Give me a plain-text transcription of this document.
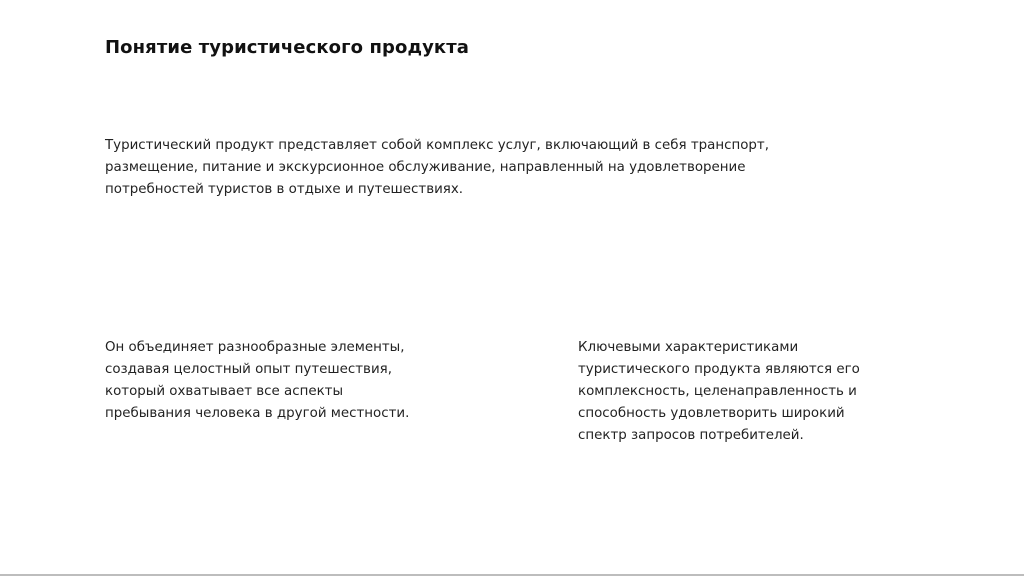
Понятие туристического продукта
Туристический продукт представляет собой комплекс услуг, включающий в себя транспорт,
размещение, питание и экскурсионное обслуживание, направленный на удовлетворение
потребностей туристов в отдыхе и путешествиях.
Он объединяет разнообразные элементы,
создавая целостный опыт путешествия,
который охватывает все аспекты
пребывания человека в другой местности.
Ключевыми характеристиками
туристического продукта являются его
комплексность, целенаправленность и
способность удовлетворить широкий
спектр запросов потребителей.
